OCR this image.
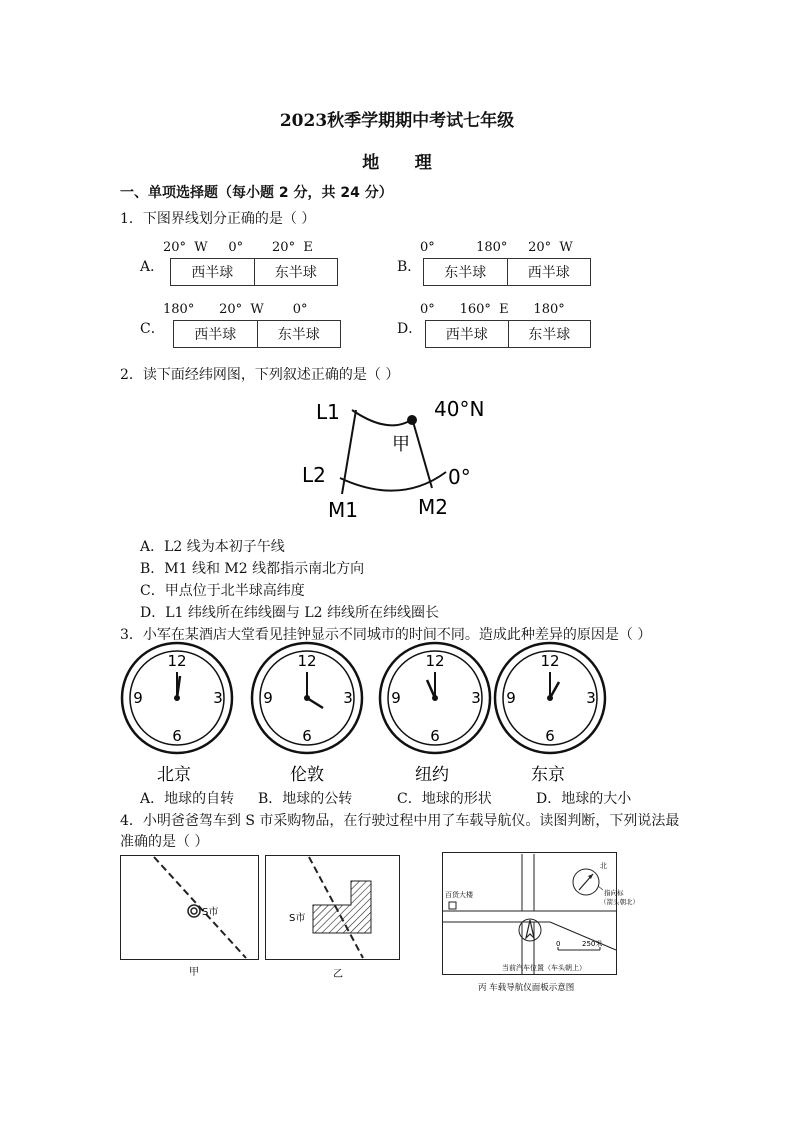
2023秋季学期期中考试七年级
地      理
一、单项选择题（每小题 2 分，共 24 分）
1．下图界线划分正确的是（ ）
A．
20°  W     0°       20°  E
西半球	东半球	B．
0°          180°     20°  W
东半球	西半球
C．
180°      20°  W       0°
西半球	东半球	D．
0°      160°  E      180°
西半球	东半球
2．读下面经纬网图，下列叙述正确的是（ ）
L1
L2
M1	M2
40°N
0°
甲
A．L2 线为本初子午线
B．M1 线和 M2 线都指示南北方向
C．甲点位于北半球高纬度
D．L1 纬线所在纬线圈与 L2 纬线所在纬线圈长
3．小军在某酒店大堂看见挂钟显示不同城市的时间不同。造成此种差异的原因是（ ）
12
3
6
9
北京
12
3
6
9
伦敦
12
3
6
9
纽约
12
3
6
9
东京
A．地球的自转 B．地球的公转	C．地球的形状	D．地球的大小
4．小明爸爸驾车到 S 市采购物品，在行驶过程中用了车载导航仪。读图判断，下列说法最
准确的是（ ）
S市
甲
S市
乙
百货大楼
北
指向标
（箭头朝北）
0	250米
当前汽车位置（车头朝上）
丙 车载导航仪面板示意图
